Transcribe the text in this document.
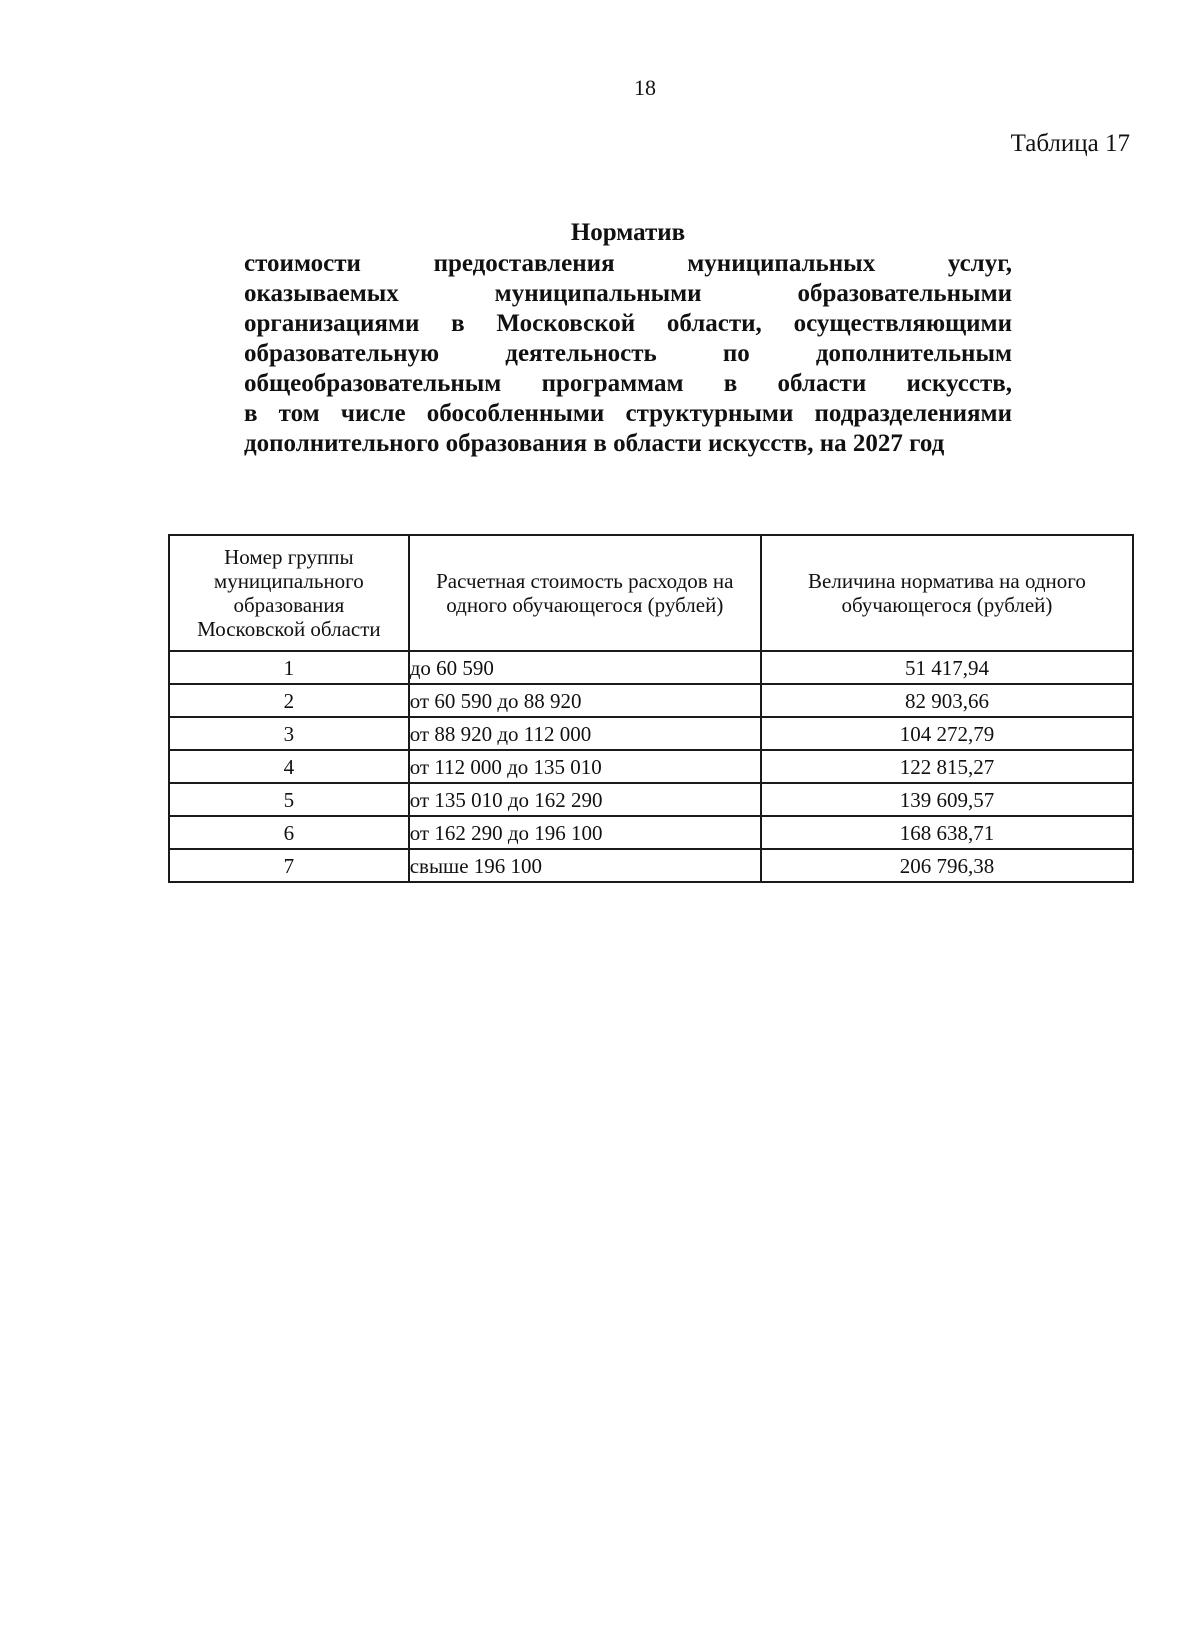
18
Таблица 17
Норматив
стоимости предоставления муниципальных услуг,
оказываемых муниципальными образовательными
организациями в Московской области, осуществляющими
образовательную деятельность по дополнительным
общеобразовательным программам в области искусств,
в том числе обособленными структурными подразделениями
дополнительного образования в области искусств, на 2027 год
Номер группы муниципального образования Московской области	Расчетная стоимость расходов на одного обучающегося (рублей)	Величина норматива на одного обучающегося (рублей)
1	до 60 590	51 417,94
2	от 60 590 до 88 920	82 903,66
3	от 88 920 до 112 000	104 272,79
4	от 112 000 до 135 010	122 815,27
5	от 135 010 до 162 290	139 609,57
6	от 162 290 до 196 100	168 638,71
7	свыше 196 100	206 796,38
